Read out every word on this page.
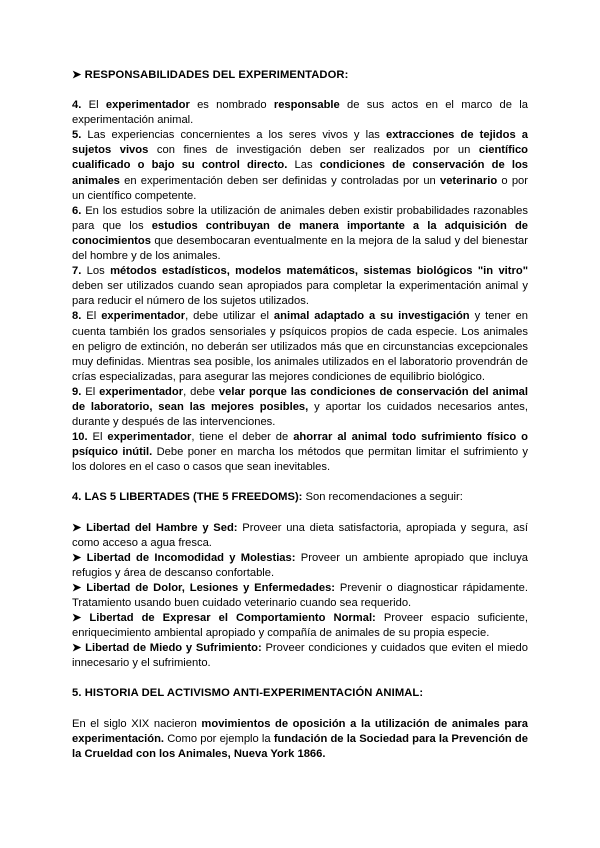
➤ RESPONSABILIDADES DEL EXPERIMENTADOR:

4. El experimentador es nombrado responsable de sus actos en el marco de la experimentación animal.

5. Las experiencias concernientes a los seres vivos y las extracciones de tejidos a sujetos vivos con fines de investigación deben ser realizados por un científico cualificado o bajo su control directo. Las condiciones de conservación de los animales en experimentación deben ser definidas y controladas por un veterinario o por un científico competente.

6. En los estudios sobre la utilización de animales deben existir probabilidades razonables para que los estudios contribuyan de manera importante a la adquisición de conocimientos que desembocaran eventualmente en la mejora de la salud y del bienestar del hombre y de los animales.

7. Los métodos estadísticos, modelos matemáticos, sistemas biológicos "in vitro" deben ser utilizados cuando sean apropiados para completar la experimentación animal y para reducir el número de los sujetos utilizados.

8. El experimentador, debe utilizar el animal adaptado a su investigación y tener en cuenta también los grados sensoriales y psíquicos propios de cada especie. Los animales en peligro de extinción, no deberán ser utilizados más que en circunstancias excepcionales muy definidas. Mientras sea posible, los animales utilizados en el laboratorio provendrán de crías especializadas, para asegurar las mejores condiciones de equilibrio biológico.

9. El experimentador, debe velar porque las condiciones de conservación del animal de laboratorio, sean las mejores posibles, y aportar los cuidados necesarios antes, durante y después de las intervenciones.

10. El experimentador, tiene el deber de ahorrar al animal todo sufrimiento físico o psíquico inútil. Debe poner en marcha los métodos que permitan limitar el sufrimiento y los dolores en el caso o casos que sean inevitables.

4. LAS 5 LIBERTADES (THE 5 FREEDOMS): Son recomendaciones a seguir:

➤ Libertad del Hambre y Sed: Proveer una dieta satisfactoria, apropiada y segura, así como acceso a agua fresca.

➤ Libertad de Incomodidad y Molestias: Proveer un ambiente apropiado que incluya refugios y área de descanso confortable.

➤ Libertad de Dolor, Lesiones y Enfermedades: Prevenir o diagnosticar rápidamente. Tratamiento usando buen cuidado veterinario cuando sea requerido.

➤ Libertad de Expresar el Comportamiento Normal: Proveer espacio suficiente, enriquecimiento ambiental apropiado y compañía de animales de su propia especie.

➤ Libertad de Miedo y Sufrimiento: Proveer condiciones y cuidados que eviten el miedo innecesario y el sufrimiento.

5. HISTORIA DEL ACTIVISMO ANTI-EXPERIMENTACIÓN ANIMAL:

En el siglo XIX nacieron movimientos de oposición a la utilización de animales para experimentación. Como por ejemplo la fundación de la Sociedad para la Prevención de la Crueldad con los Animales, Nueva York 1866.
